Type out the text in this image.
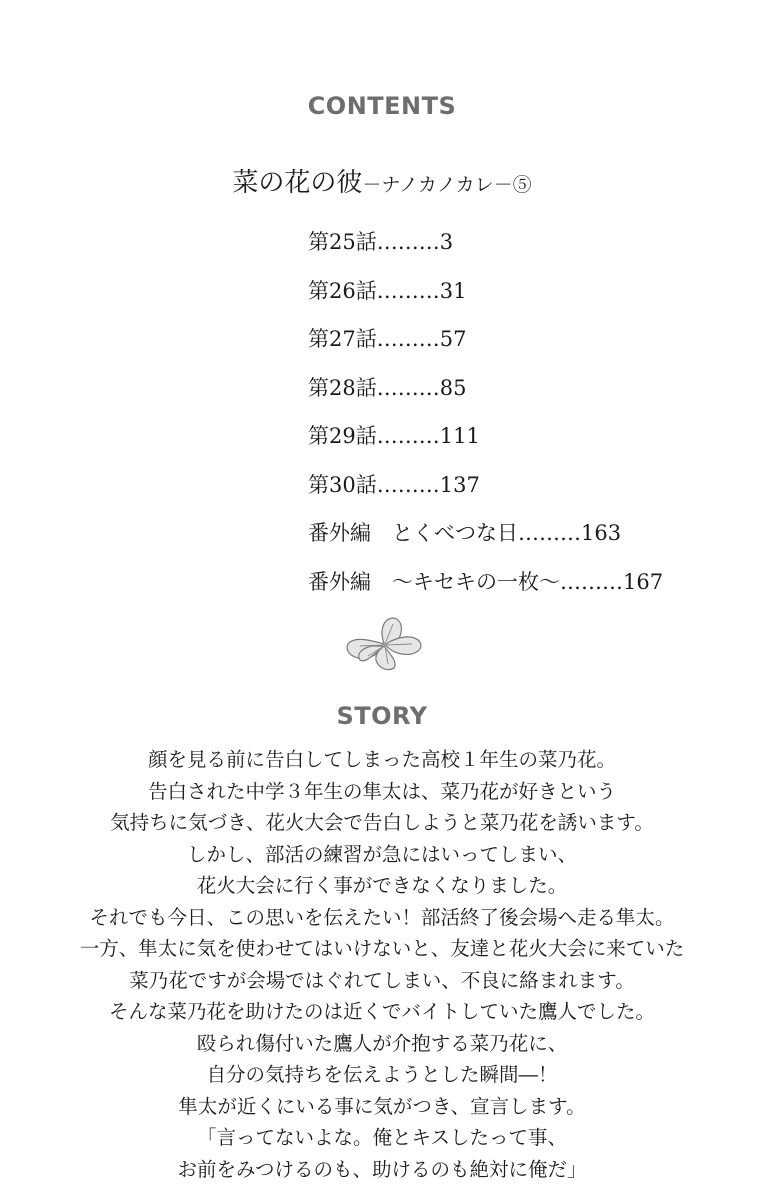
CONTENTS
菜の花の彼－ナノカノカレ－⑤
第25話………3
第26話………31
第27話………57
第28話………85
第29話………111
第30話………137
番外編　とくべつな日………163
番外編　～キセキの一枚～………167
STORY

顔を見る前に告白してしまった高校１年生の菜乃花。

告白された中学３年生の隼太は、菜乃花が好きという

気持ちに気づき、花火大会で告白しようと菜乃花を誘います。

しかし、部活の練習が急にはいってしまい、

花火大会に行く事ができなくなりました。

それでも今日、この思いを伝えたい！部活終了後会場へ走る隼太。

一方、隼太に気を使わせてはいけないと、友達と花火大会に来ていた

菜乃花ですが会場ではぐれてしまい、不良に絡まれます。

そんな菜乃花を助けたのは近くでバイトしていた鷹人でした。

殴られ傷付いた鷹人が介抱する菜乃花に、

自分の気持ちを伝えようとした瞬間―！

隼太が近くにいる事に気がつき、宣言します。

「言ってないよな。俺とキスしたって事、

お前をみつけるのも、助けるのも絶対に俺だ」
